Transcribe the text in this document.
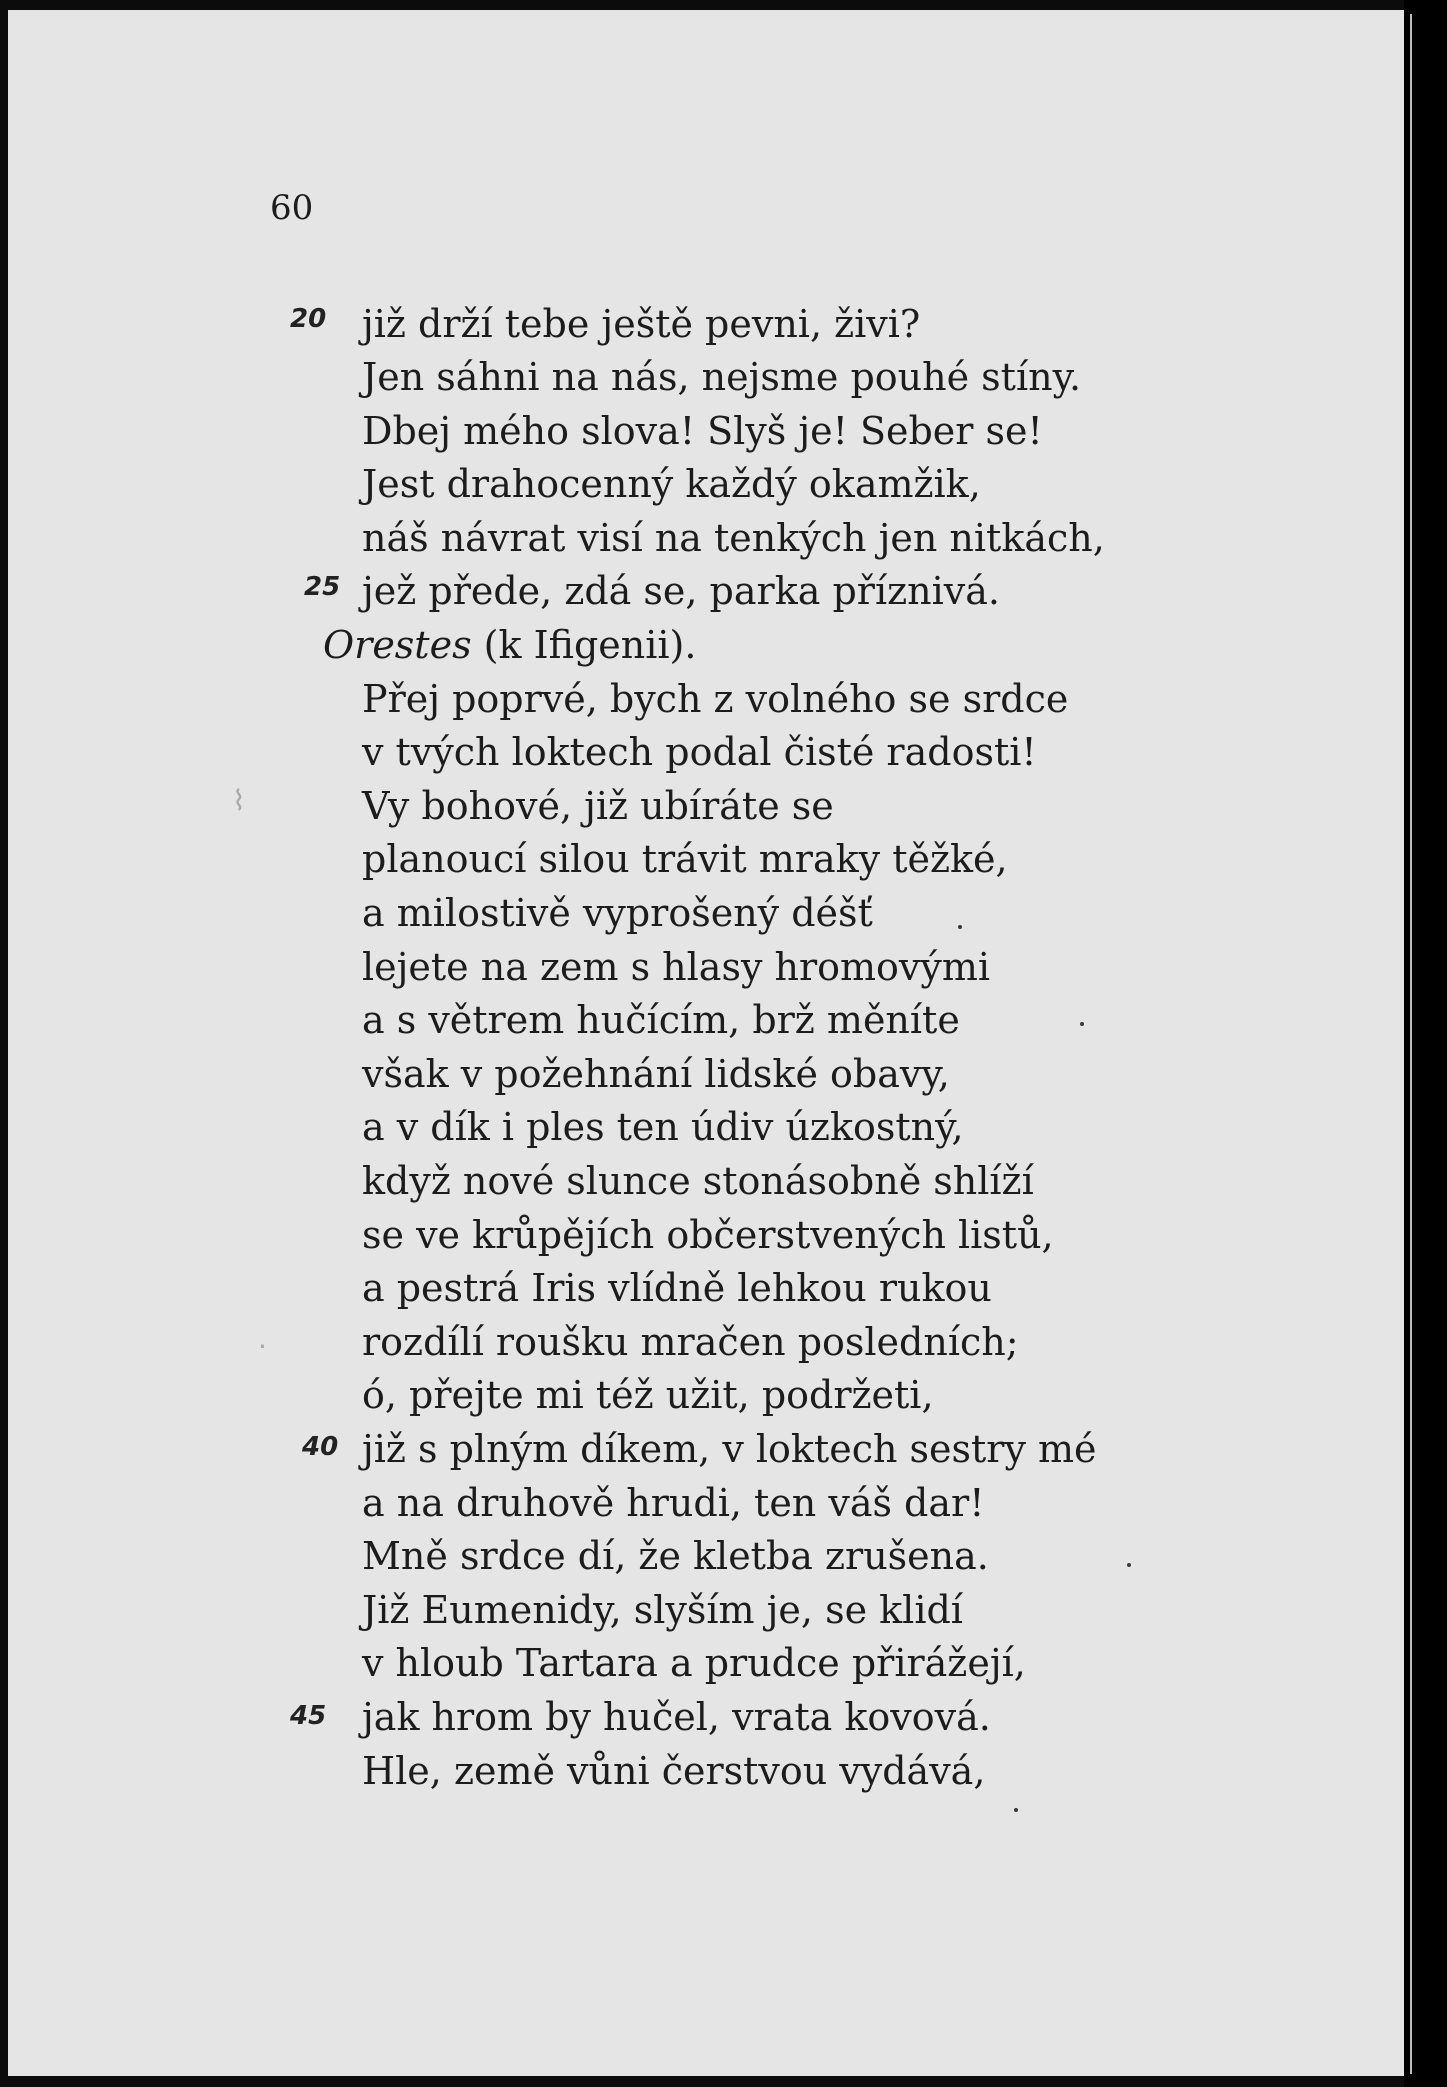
60
20
25
40
45
⌇
·
již drží tebe ještě pevni, živi?
Jen sáhni na nás, nejsme pouhé stíny.
Dbej mého slova! Slyš je! Seber se!
Jest drahocenný každý okamžik,
náš návrat visí na tenkých jen nitkách,
jež přede, zdá se, parka příznivá.
Orestes (k Ifigenii).
Přej poprvé, bych z volného se srdce
v tvých loktech podal čisté radosti!
Vy bohové, již ubíráte se
planoucí silou trávit mraky těžké,
a milostivě vyprošený déšť
lejete na zem s hlasy hromovými
a s větrem hučícím, brž měníte
však v požehnání lidské obavy,
a v dík i ples ten údiv úzkostný,
když nové slunce stonásobně shlíží
se ve krůpějích občerstvených listů,
a pestrá Iris vlídně lehkou rukou
rozdílí roušku mračen posledních;
ó, přejte mi též užit, podržeti,
již s plným díkem, v loktech sestry mé
a na druhově hrudi, ten váš dar!
Mně srdce dí, že kletba zrušena.
Již Eumenidy, slyším je, se klidí
v hloub Tartara a prudce přirážejí,
jak hrom by hučel, vrata kovová.
Hle, země vůni čerstvou vydává,
